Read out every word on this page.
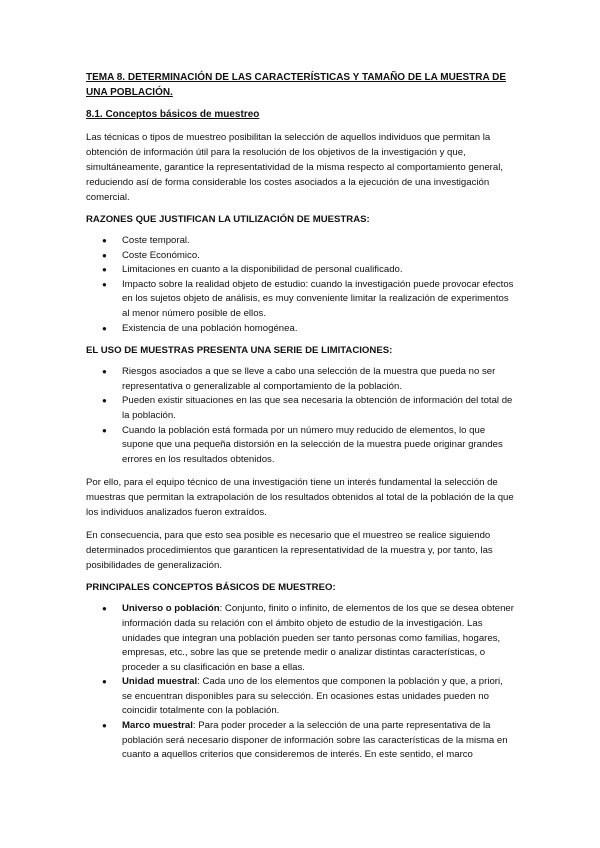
TEMA 8. DETERMINACIÓN DE LAS CARACTERÍSTICAS Y TAMAÑO DE LA MUESTRA DE UNA POBLACIÓN.
8.1. Conceptos básicos de muestreo
Las técnicas o tipos de muestreo posibilitan la selección de aquellos individuos que permitan la obtención de información útil para la resolución de los objetivos de la investigación y que, simultáneamente, garantice la representatividad de la misma respecto al comportamiento general, reduciendo así de forma considerable los costes asociados a la ejecución de una investigación comercial.
RAZONES QUE JUSTIFICAN LA UTILIZACIÓN DE MUESTRAS:
● Coste temporal.
● Coste Económico.
● Limitaciones en cuanto a la disponibilidad de personal cualificado.
● Impacto sobre la realidad objeto de estudio: cuando la investigación puede provocar efectos en los sujetos objeto de análisis, es muy conveniente limitar la realización de experimentos al menor número posible de ellos.
● Existencia de una población homogénea.
EL USO DE MUESTRAS PRESENTA UNA SERIE DE LIMITACIONES:
● Riesgos asociados a que se lleve a cabo una selección de la muestra que pueda no ser representativa o generalizable al comportamiento de la población.
● Pueden existir situaciones en las que sea necesaria la obtención de información del total de la población.
● Cuando la población está formada por un número muy reducido de elementos, lo que supone que una pequeña distorsión en la selección de la muestra puede originar grandes errores en los resultados obtenidos.
Por ello, para el equipo técnico de una investigación tiene un interés fundamental la selección de muestras que permitan la extrapolación de los resultados obtenidos al total de la población de la que los individuos analizados fueron extraídos.
En consecuencia, para que esto sea posible es necesario que el muestreo se realice siguiendo determinados procedimientos que garanticen la representatividad de la muestra y, por tanto, las posibilidades de generalización.
PRINCIPALES CONCEPTOS BÁSICOS DE MUESTREO:
● Universo o población: Conjunto, finito o infinito, de elementos de los que se desea obtener información dada su relación con el ámbito objeto de estudio de la investigación. Las unidades que integran una población pueden ser tanto personas como familias, hogares, empresas, etc., sobre las que se pretende medir o analizar distintas características, o proceder a su clasificación en base a ellas.
● Unidad muestral: Cada uno de los elementos que componen la población y que, a priori, se encuentran disponibles para su selección. En ocasiones estas unidades pueden no coincidir totalmente con la población.
● Marco muestral: Para poder proceder a la selección de una parte representativa de la población será necesario disponer de información sobre las características de la misma en cuanto a aquellos criterios que consideremos de interés. En este sentido, el marco
